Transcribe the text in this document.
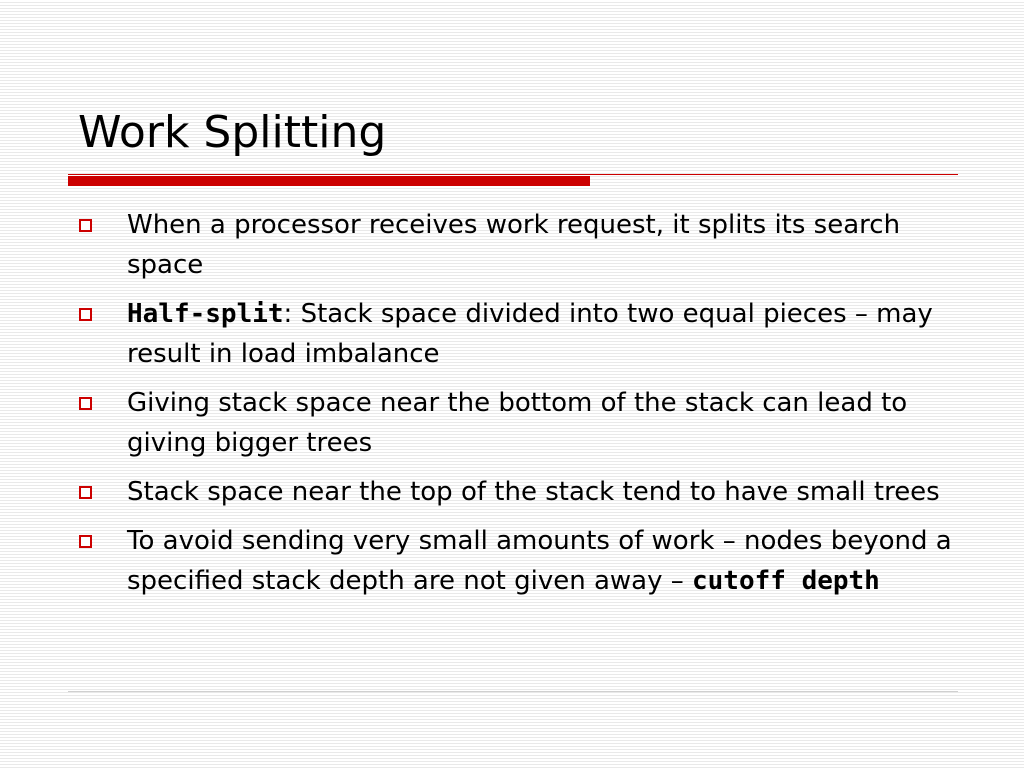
Work Splitting
When a processor receives work request, it splits its search space
Half-split: Stack space divided into two equal pieces – may result in load imbalance
Giving stack space near the bottom of the stack can lead to giving bigger trees
Stack space near the top of the stack tend to have small trees
To avoid sending very small amounts of work – nodes beyond a specified stack depth are not given away – cutoff depth
